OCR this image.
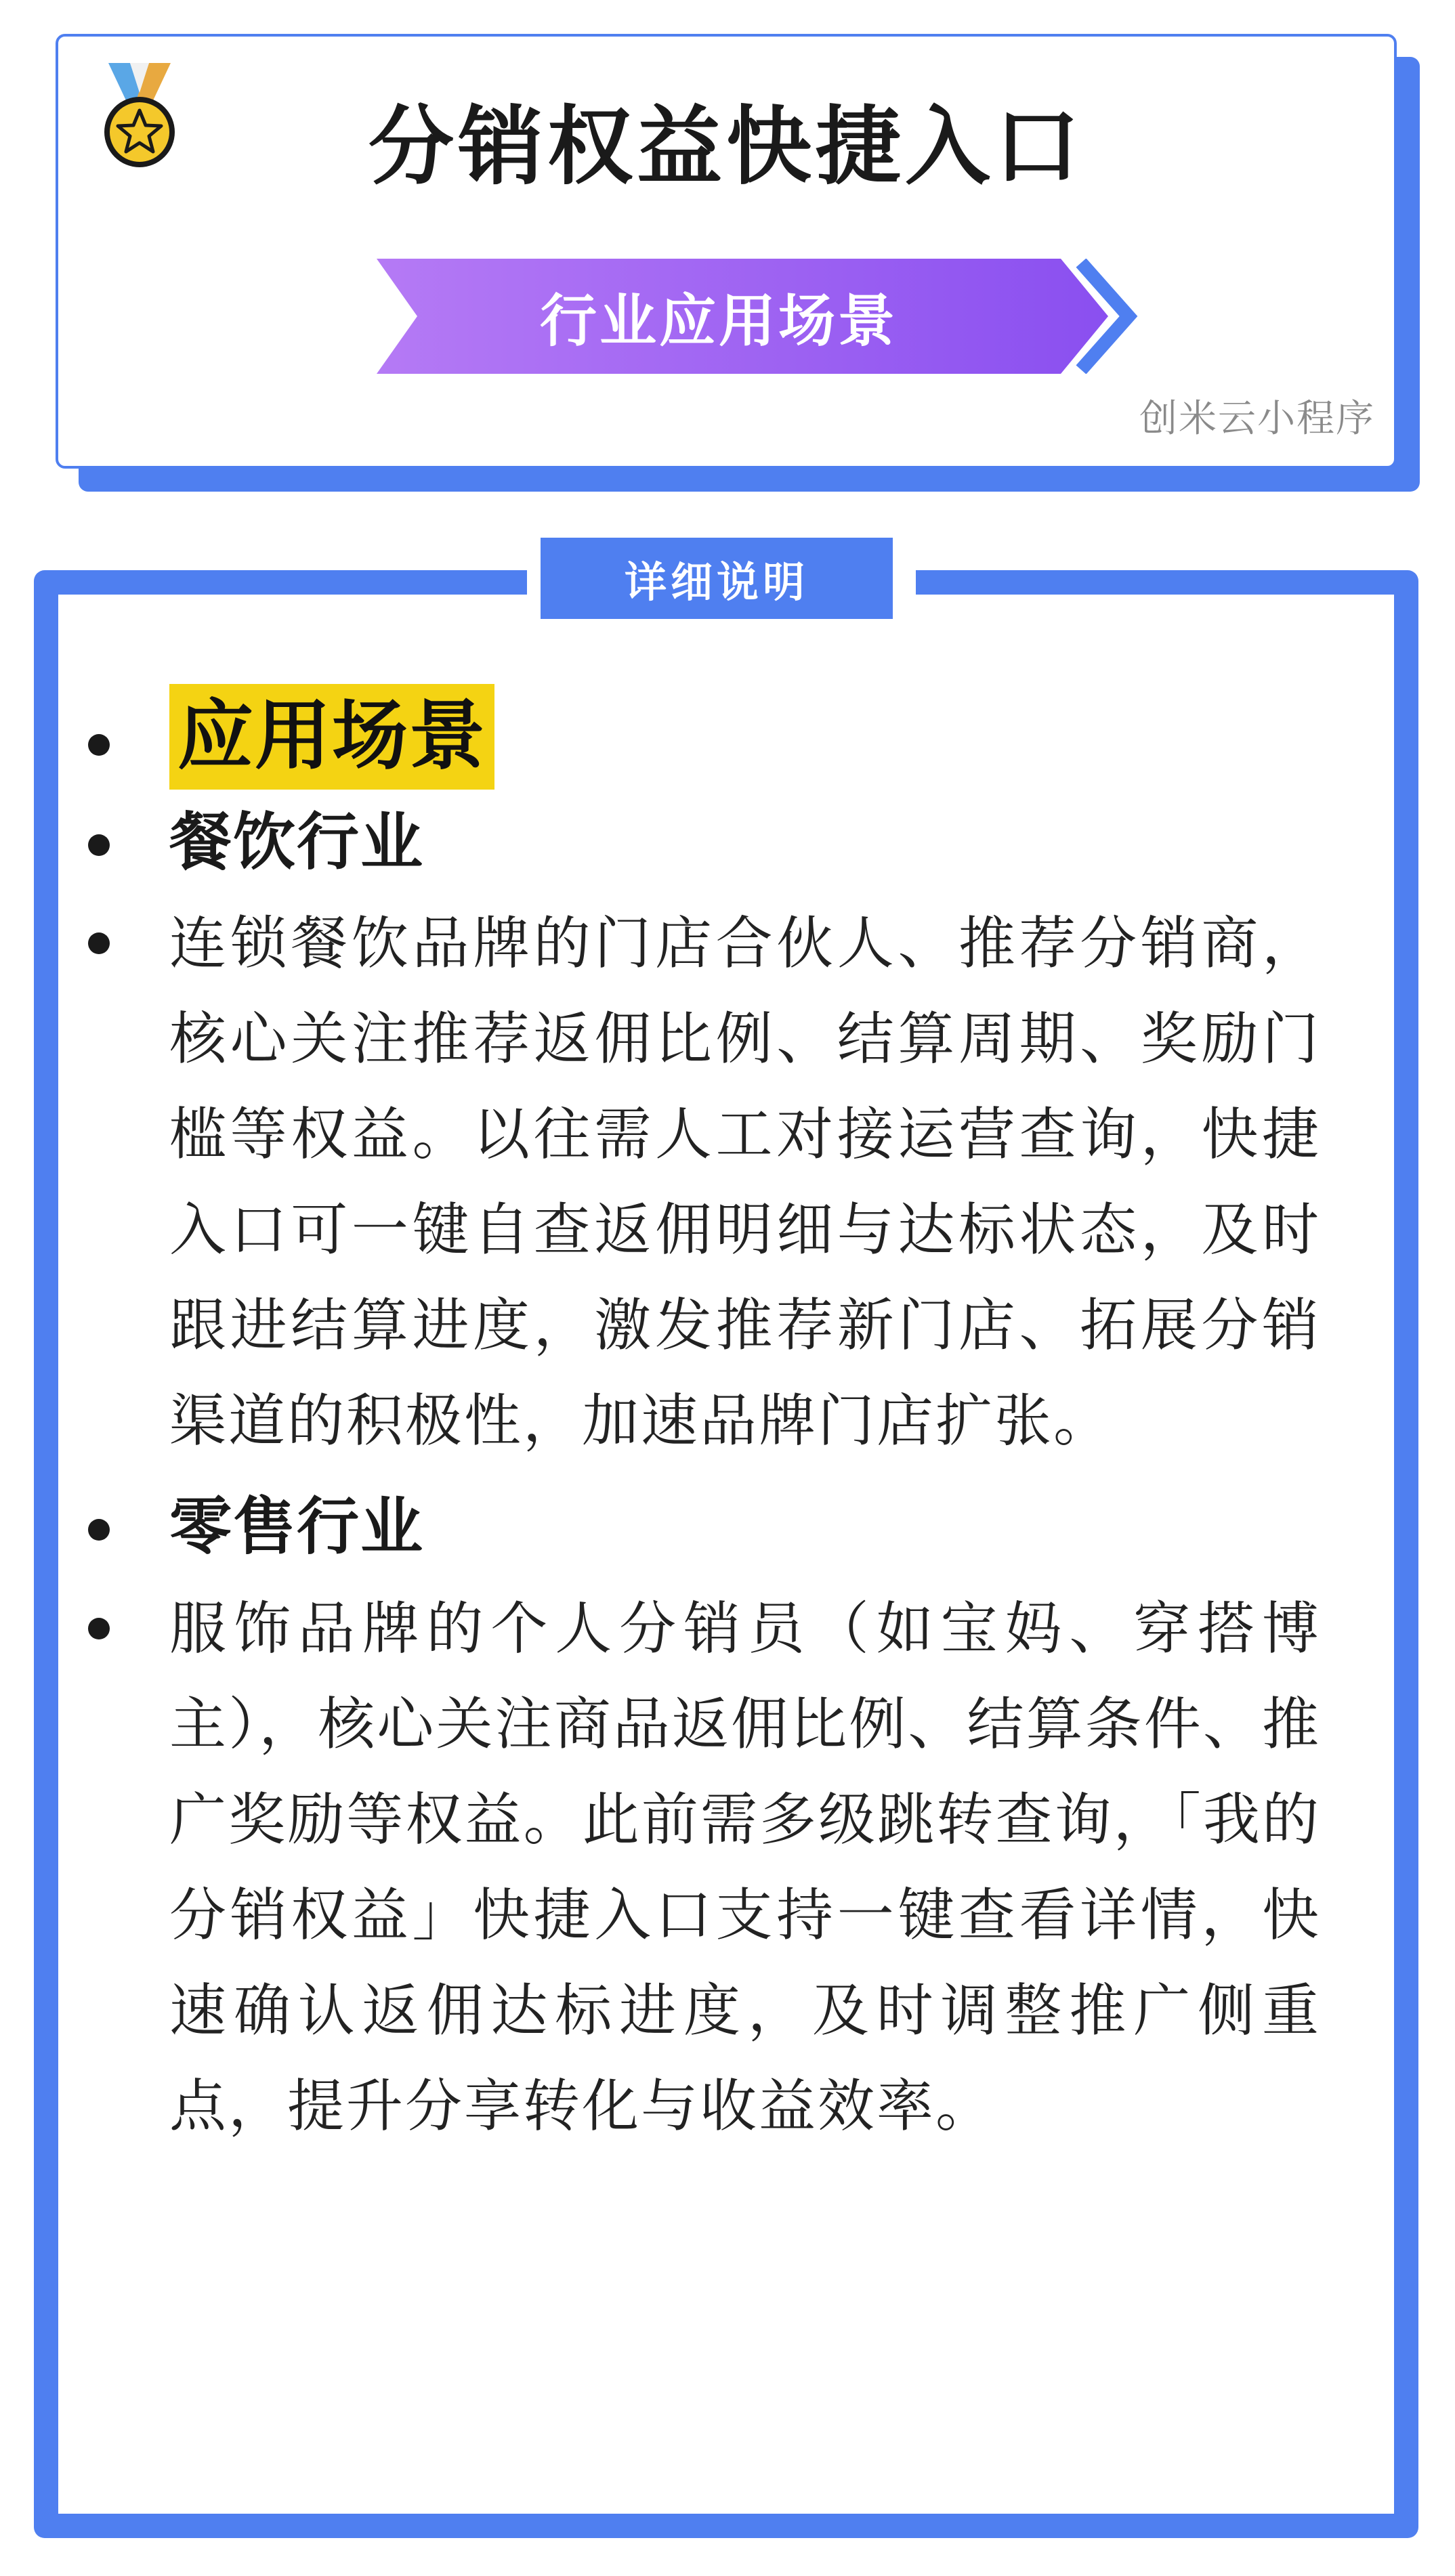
分销权益快捷入口
行业应用场景
创米云小程序
详细说明
应用场景
餐饮行业
连锁餐饮品牌的门店合伙人、推荐分销商，核心关注推荐返佣比例、结算周期、奖励门槛等权益。以往需人工对接运营查询，快捷入口可一键自查返佣明细与达标状态，及时跟进结算进度，激发推荐新门店、拓展分销渠道的积极性，加速品牌门店扩张。
零售行业
服饰品牌的个人分销员（如宝妈、穿搭博主），核心关注商品返佣比例、结算条件、推广奖励等权益。此前需多级跳转查询，「我的分销权益」快捷入口支持一键查看详情，快速确认返佣达标进度，及时调整推广侧重点，提升分享转化与收益效率。
